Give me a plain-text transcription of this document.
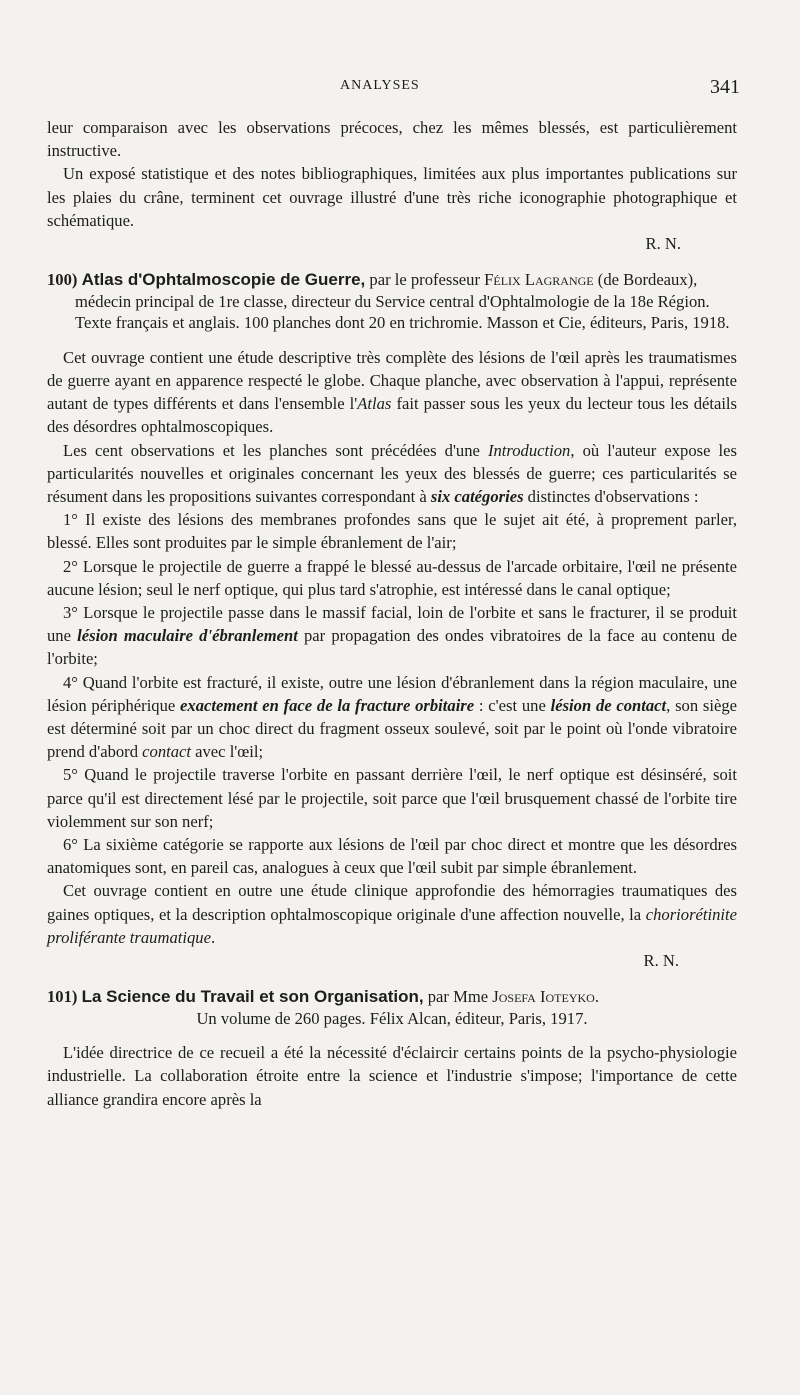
ANALYSES	341

leur comparaison avec les observations précoces, chez les mêmes blessés, est particulièrement instructive.

Un exposé statistique et des notes bibliographiques, limitées aux plus importantes publications sur les plaies du crâne, terminent cet ouvrage illustré d'une très riche iconographie photographique et schématique.

R. N.

100) Atlas d'Ophtalmoscopie de Guerre, par le professeur Félix Lagrange (de Bordeaux), médecin principal de 1re classe, directeur du Service central d'Ophtalmologie de la 18e Région. Texte français et anglais. 100 planches dont 20 en trichromie. Masson et Cie, éditeurs, Paris, 1918.

Cet ouvrage contient une étude descriptive très complète des lésions de l'œil après les traumatismes de guerre ayant en apparence respecté le globe. Chaque planche, avec observation à l'appui, représente autant de types différents et dans l'ensemble l'Atlas fait passer sous les yeux du lecteur tous les détails des désordres ophtalmoscopiques.

Les cent observations et les planches sont précédées d'une Introduction, où l'auteur expose les particularités nouvelles et originales concernant les yeux des blessés de guerre; ces particularités se résument dans les propositions suivantes correspondant à six catégories distinctes d'observations :

1° Il existe des lésions des membranes profondes sans que le sujet ait été, à proprement parler, blessé. Elles sont produites par le simple ébranlement de l'air;

2° Lorsque le projectile de guerre a frappé le blessé au-dessus de l'arcade orbitaire, l'œil ne présente aucune lésion; seul le nerf optique, qui plus tard s'atrophie, est intéressé dans le canal optique;

3° Lorsque le projectile passe dans le massif facial, loin de l'orbite et sans le fracturer, il se produit une lésion maculaire d'ébranlement par propagation des ondes vibratoires de la face au contenu de l'orbite;

4° Quand l'orbite est fracturé, il existe, outre une lésion d'ébranlement dans la région maculaire, une lésion périphérique exactement en face de la fracture orbitaire : c'est une lésion de contact, son siège est déterminé soit par un choc direct du fragment osseux soulevé, soit par le point où l'onde vibratoire prend d'abord contact avec l'œil;

5° Quand le projectile traverse l'orbite en passant derrière l'œil, le nerf optique est désinséré, soit parce qu'il est directement lésé par le projectile, soit parce que l'œil brusquement chassé de l'orbite tire violemment sur son nerf;

6° La sixième catégorie se rapporte aux lésions de l'œil par choc direct et montre que les désordres anatomiques sont, en pareil cas, analogues à ceux que l'œil subit par simple ébranlement.

Cet ouvrage contient en outre une étude clinique approfondie des hémorragies traumatiques des gaines optiques, et la description ophtalmoscopique originale d'une affection nouvelle, la choriorétinite proliférante traumatique.

R. N.

101) La Science du Travail et son Organisation, par Mme Josefa Ioteyko.

Un volume de 260 pages. Félix Alcan, éditeur, Paris, 1917.

L'idée directrice de ce recueil a été la nécessité d'éclaircir certains points de la psycho-physiologie industrielle. La collaboration étroite entre la science et l'industrie s'impose; l'importance de cette alliance grandira encore après la
